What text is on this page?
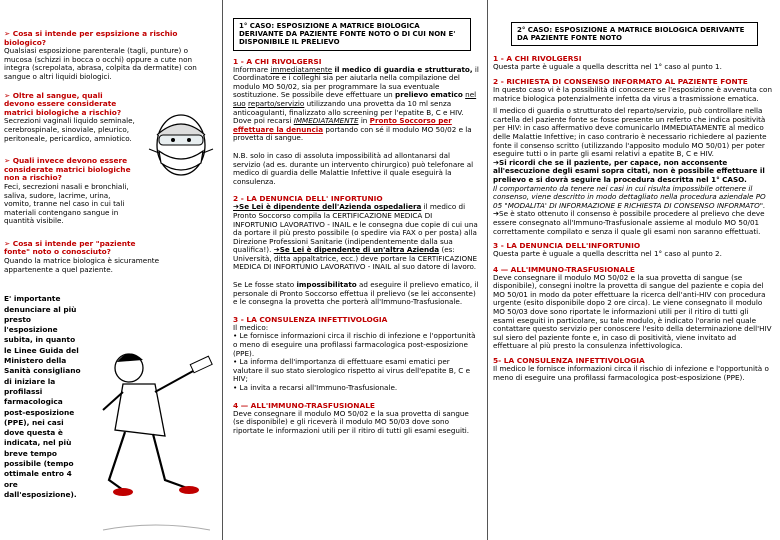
➢ Cosa si intende per espsizione a rischio biologico?
Qualsiasi esposizione parenterale (tagli, punture) o mucosa (schizzi in bocca o occhi) oppure a cute non integra (screpolata, abrasa, colpita da dermatite) con sangue o altri liquidi biologici.
➢ Oltre al sangue, quali devono essere considerate matrici biologiche a rischio?
Secrezioni vaginali liquido seminale, cerebrospinale, sinoviale, pleurico, peritoneale, pericardico, amniotico.
➢ Quali invece devono essere considerate matrici biologiche non a rischio?
Feci, secrezioni nasali e bronchiali, saliva, sudore, lacrime, urina, vomito, tranne nel caso in cui tali materiali contengano sangue in quantità visibile.
➢ Cosa si intende per "paziente fonte" noto o conosciuto?
Quando la matrice biologica è sicuramente appartenente a quel paziente.
E' importante denunciare al più presto l'esposizione subita, in quanto le Linee Guida del Ministero della Sanità consigliano di iniziare la profilassi farmacologica post-esposizione (PPE), nei casi dove questa è indicata, nel più breve tempo possibile (tempo ottimale entro 4 ore dall'esposizione).
1° CASO: ESPOSIZIONE A MATRICE BIOLOGICA DERIVANTE DA PAZIENTE FONTE NOTO O DI CUI NON E' DISPONIBILE IL PRELIEVO
1 - A CHI RIVOLGERSI
Informare immediatamente il medico di guardia e strutturato, il Coordinatore e i colleghi sia per aiutarla nella compilazione del modulo MO 50/02, sia per programmare la sua eventuale sostituzione. Se possibile deve effettuare un prelievo ematico nel suo reparto/servizio utilizzando una provetta da 10 ml senza anticoagulanti, finalizzato allo screening per l'epatite B, C e HIV. Dove poi recarsi IMMEDIATAMENTE in Pronto Soccorso per effettuare la denuncia portando con sé il modulo MO 50/02 e la provetta di sangue.
N.B. solo in caso di assoluta impossibilità ad allontanarsi dal servizio (ad es. durante un intervento chirurgico) può telefonare al medico di guardia delle Malattie Infettive il quale eseguirà la consulenza.
2 - LA DENUNCIA DELL' INFORTUNIO
➔Se Lei è dipendente dell'Azienda ospedaliera il medico di Pronto Soccorso compila la CERTIFICAZIONE MEDICA DI INFORTUNIO LAVORATIVO - INAIL e le consegna due copie di cui una da portare il più presto possibile (o spedire via FAX o per posta) alla Direzione Professioni Sanitarie (indipendentemente dalla sua qualifica!). ➔Se Lei è dipendente di un'altra Azienda (es: Università, ditta appaltatrice, ecc.) deve portare la CERTIFICAZIONE MEDICA DI INFORTUNIO LAVORATIVO - INAIL al suo datore di lavoro.
Se Le fosse stato impossibilitato ad eseguire il prelievo ematico, il personale di Pronto Soccorso effettua il prelievo (se lei acconsente) e le consegna la provetta che porterà all'Immuno-Trasfusionale.
3 - LA CONSULENZA INFETTIVOLOGIA
Il medico:
• Le fornisce informazioni circa il rischio di infezione e l'opportunità o meno di eseguire una profilassi farmacologica post-esposizione (PPE).
• La informa dell'importanza di effettuare esami ematici per valutare il suo stato sierologico rispetto ai virus dell'epatite B, C e HIV;
• La invita a recarsi all'Immuno-Trasfusionale.
4 — ALL'IMMUNO-TRASFUSIONALE
Deve consegnare il modulo MO 50/02 e la sua provetta di sangue (se disponibile) e gli riceverà il modulo MO 50/03 dove sono riportate le informazioni utili per il ritiro di tutti gli esami eseguiti.
2° CASO: ESPOSIZIONE A MATRICE BIOLOGICA DERIVANTE DA PAZIENTE FONTE NOTO
1 - A CHI RIVOLGERSI
Questa parte è uguale a quella descritta nel 1° caso al punto 1.
2 - RICHIESTA DI CONSENSO INFORMATO AL PAZIENTE FONTE
In questo caso vi è la possibilità di conoscere se l'esposizione è avvenuta con matrice biologica potenzialmente infetta da virus a trasmissione ematica.
Il medico di guardia o strutturato del reparto/servizio, può controllare nella cartella del paziente fonte se fosse presente un referto che indica positività per HIV: in caso affermativo deve comunicarlo IMMEDIATAMENTE al medico delle Malattie Infettive; in caso contrario è necessario richiedere al paziente fonte il consenso scritto (utilizzando l'apposito modulo MO 50/01) per poter eseguire tutti o in parte gli esami relativi a epatite B, C e HIV.
➔Si ricordi che se il paziente, per capace, non acconsente all'esecuzione degli esami sopra citati, non è possibile effettuare il prelievo e si dovrà seguire la procedura descritta nel 1° CASO.
Il comportamento da tenere nei casi in cui risulta impossibile ottenere il consenso, viene descritto in modo dettagliato nella procedura aziendale PO 05 "MODALITA' DI INFORMAZIONE E RICHIESTA DI CONSENSO INFORMATO".
➔Se è stato ottenuto il consenso è possibile procedere al prelievo che deve essere consegnato all'Immuno-Trasfusionale assieme al modulo MO 50/01 correttamente compilato e senza il quale gli esami non saranno effettuati.
3 - LA DENUNCIA DELL'INFORTUNIO
Questa parte è uguale a quella descritta nel 1° caso al punto 2.
4 — ALL'IMMUNO-TRASFUSIONALE
Deve consegnare il modulo MO 50/02 e la sua provetta di sangue (se disponibile), consegni inoltre la provetta di sangue del paziente e copia del MO 50/01 in modo da poter effettuare la ricerca dell'anti-HIV con procedura urgente (esito disponibile dopo 2 ore circa). Le viene consegnato il modulo MO 50/03 dove sono riportate le informazioni utili per il ritiro di tutti gli esami eseguiti in particolare, su tale modulo, è indicato l'orario nel quale contattare questo servizio per conoscere l'esito della determinazione dell'HIV sul siero del paziente fonte e, in caso di positività, viene invitato ad effettuare al più presto la consulenza infettivologica.
5- LA CONSULENZA INFETTIVOLOGIA
Il medico le fornisce informazioni circa il rischio di infezione e l'opportunità o meno di eseguire una profilassi farmacologica post-esposizione (PPE).
